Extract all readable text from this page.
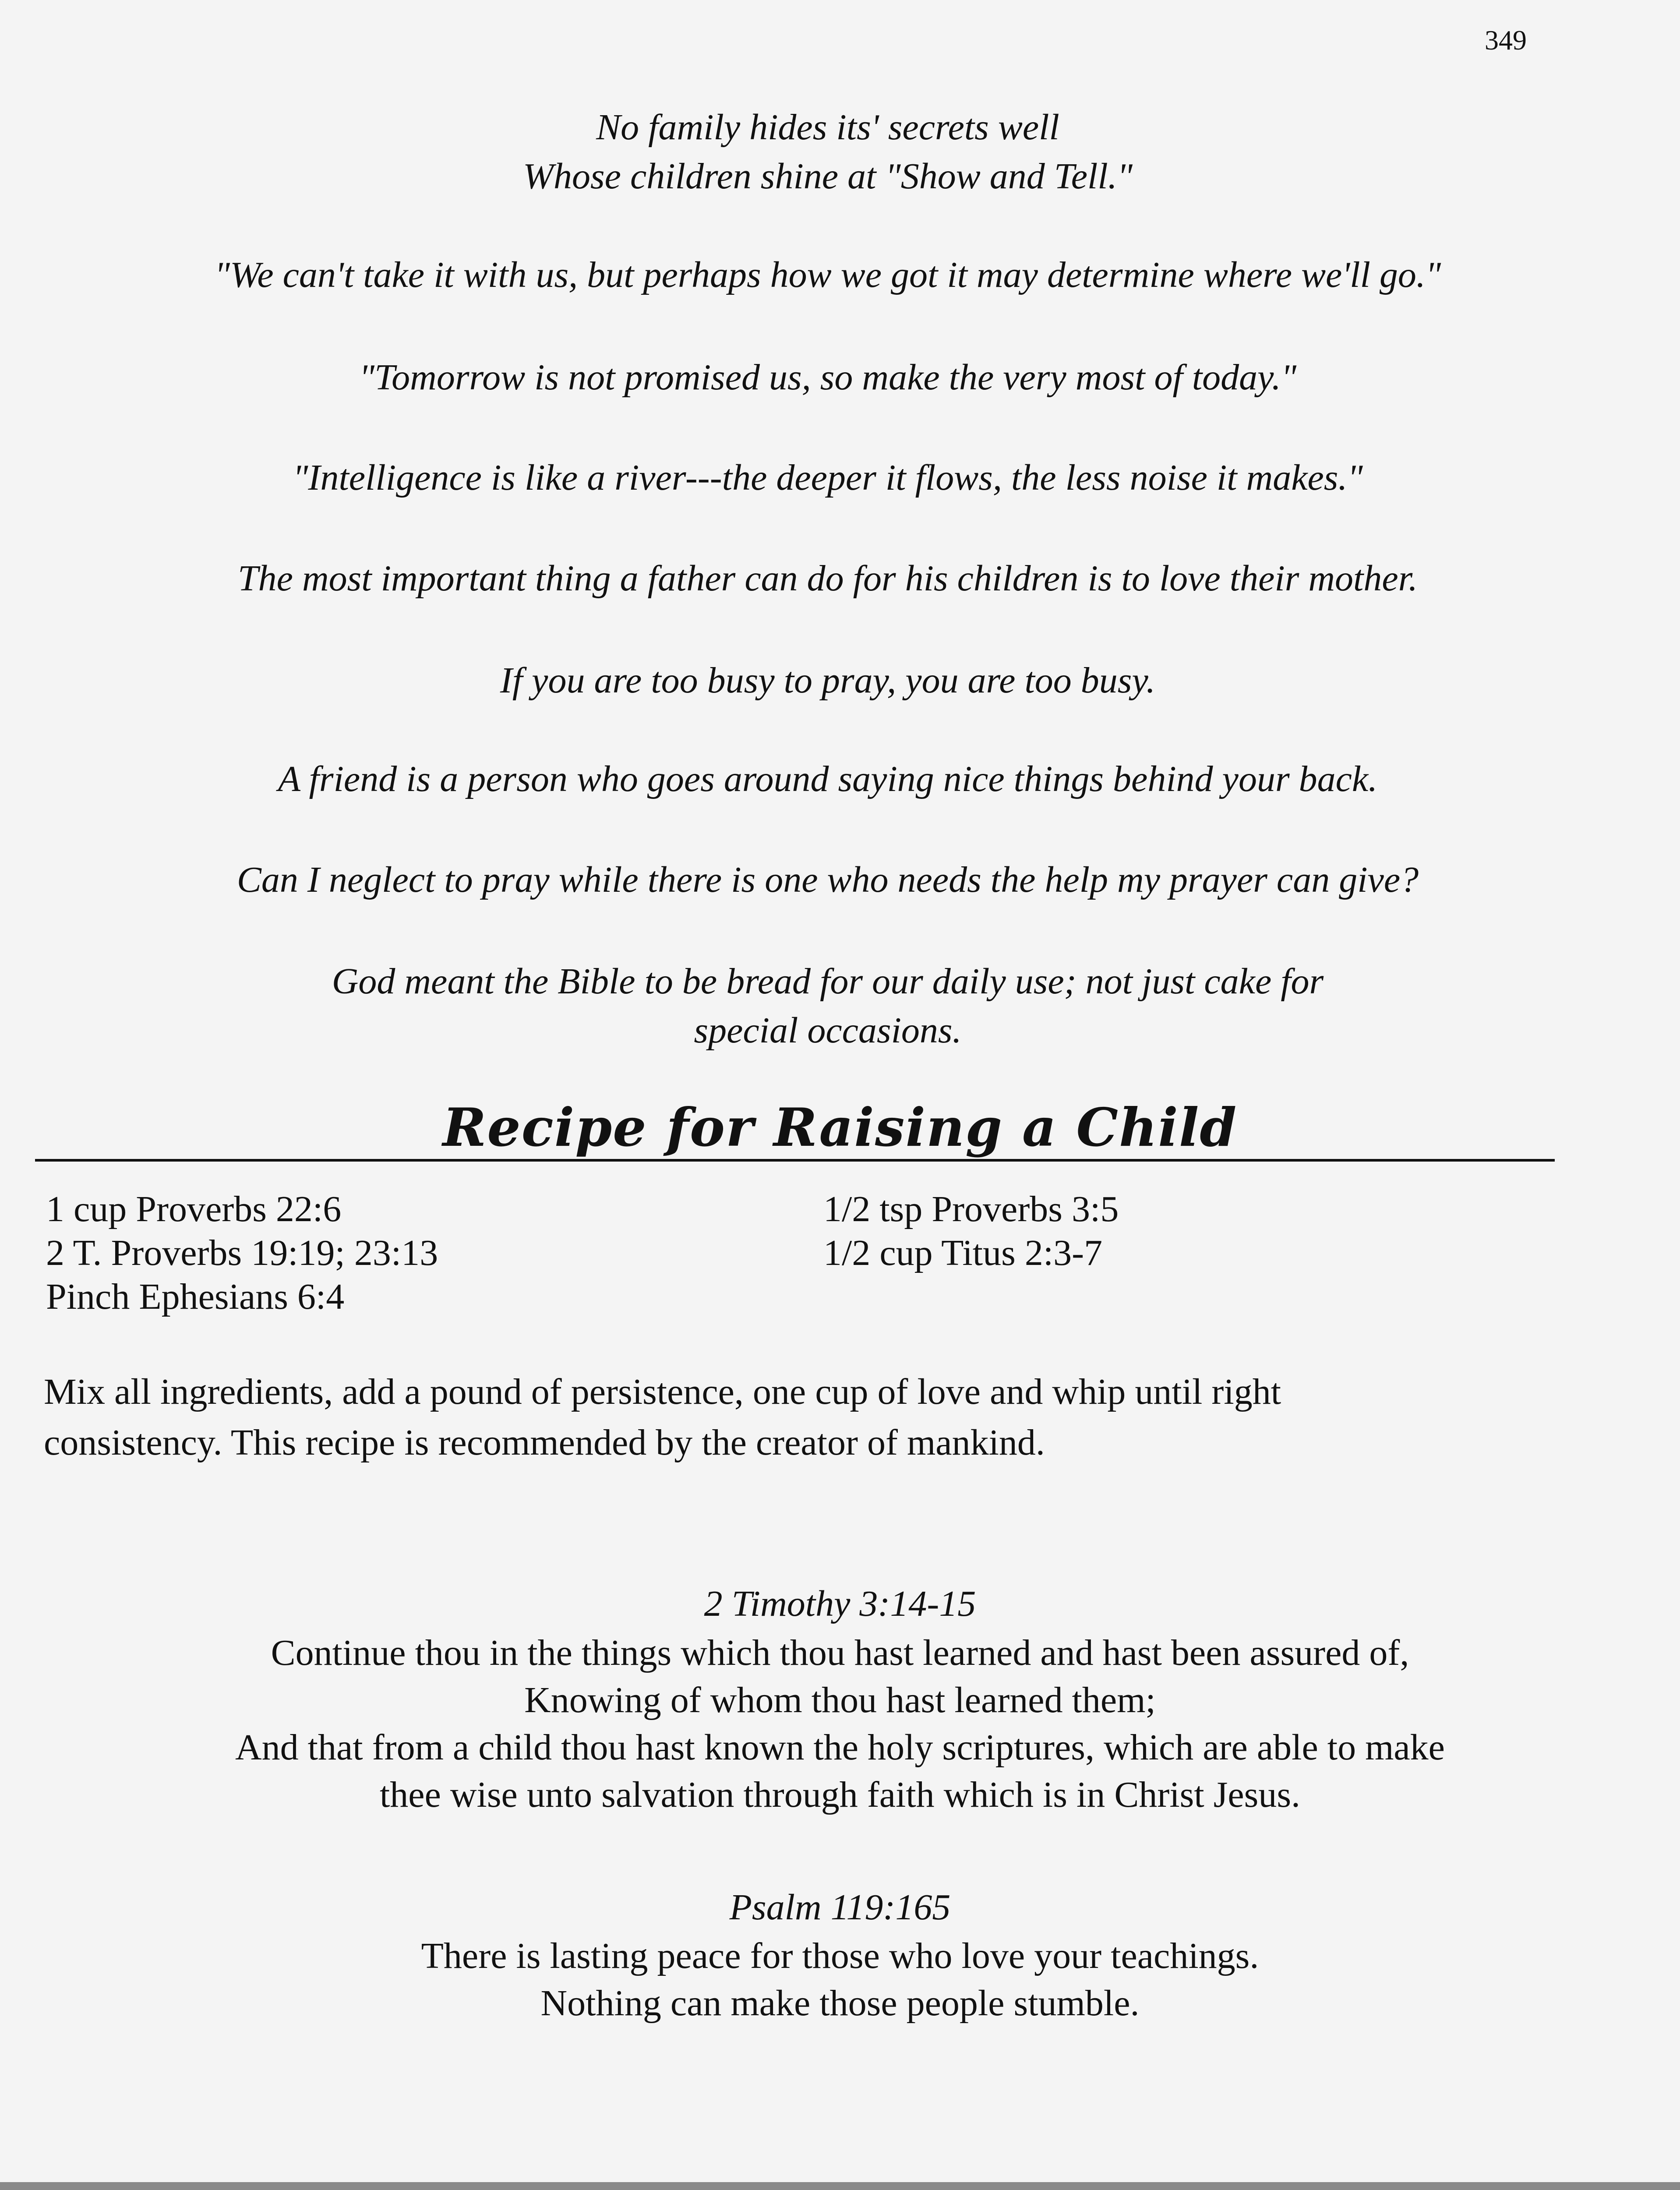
349
No family hides its' secrets well
Whose children shine at "Show and Tell."
"We can't take it with us, but perhaps how we got it may determine where we'll go."
"Tomorrow is not promised us, so make the very most of today."
"Intelligence is like a river---the deeper it flows, the less noise it makes."
The most important thing a father can do for his children is to love their mother.
If you are too busy to pray, you are too busy.
A friend is a person who goes around saying nice things behind your back.
Can I neglect to pray while there is one who needs the help my prayer can give?
God meant the Bible to be bread for our daily use; not just cake for
special occasions.
Recipe for Raising a Child
1 cup Proverbs 22:6
2 T. Proverbs 19:19; 23:13
Pinch Ephesians 6:4
1/2 tsp Proverbs 3:5
1/2 cup Titus 2:3-7
Mix all ingredients, add a pound of persistence, one cup of love and whip until right
consistency. This recipe is recommended by the creator of mankind.
2 Timothy 3:14-15
Continue thou in the things which thou hast learned and hast been assured of,
Knowing of whom thou hast learned them;
And that from a child thou hast known the holy scriptures, which are able to make
thee wise unto salvation through faith which is in Christ Jesus.
Psalm 119:165
There is lasting peace for those who love your teachings.
Nothing can make those people stumble.
